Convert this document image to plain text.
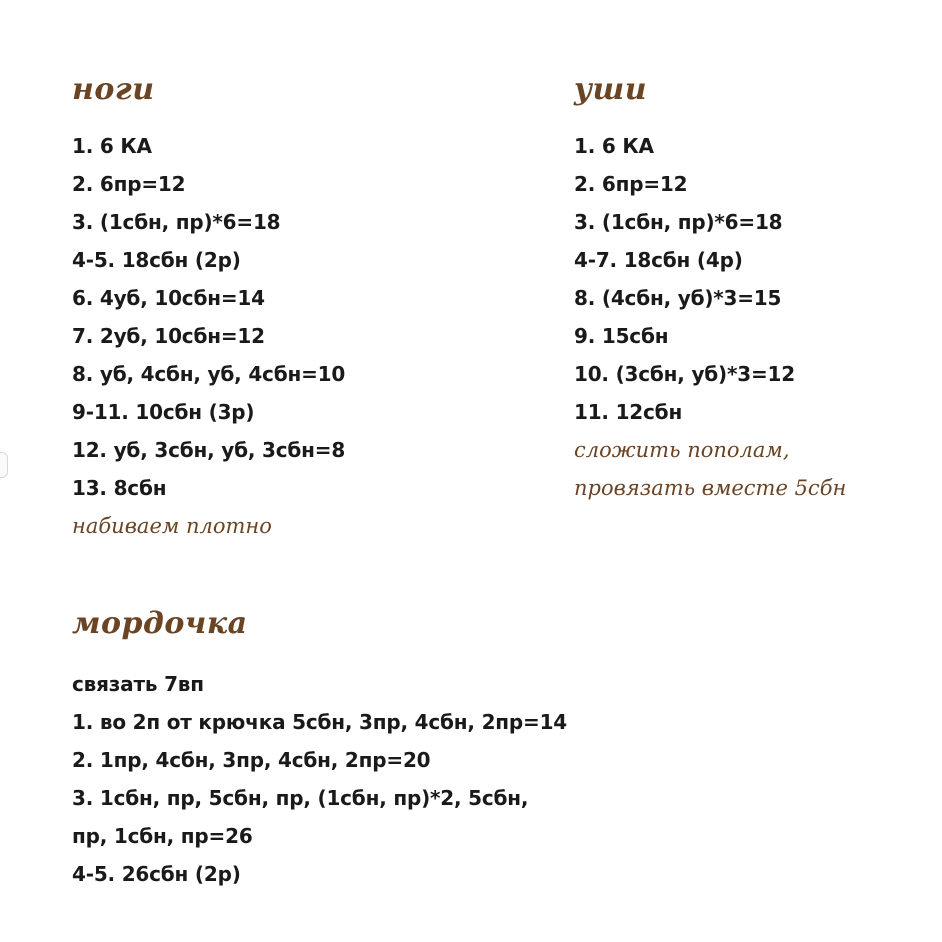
ноги
1. 6 КА
2. 6пр=12
3. (1сбн, пр)*6=18
4-5. 18сбн (2р)
6. 4уб, 10сбн=14
7. 2уб, 10сбн=12
8. уб, 4сбн, уб, 4сбн=10
9-11. 10сбн (3р)
12. уб, 3сбн, уб, 3сбн=8
13. 8сбн

набиваем плотно

уши
1. 6 КА
2. 6пр=12
3. (1сбн, пр)*6=18
4-7. 18сбн (4р)
8. (4сбн, уб)*3=15
9. 15сбн
10. (3сбн, уб)*3=12
11. 12сбн

сложить пополам,

провязать вместе 5сбн

мордочка
связать 7вп
1. во 2п от крючка 5сбн, 3пр, 4сбн, 2пр=14
2. 1пр, 4сбн, 3пр, 4сбн, 2пр=20
3. 1сбн, пр, 5сбн, пр, (1сбн, пр)*2, 5сбн,
пр, 1сбн, пр=26
4-5. 26сбн (2р)
